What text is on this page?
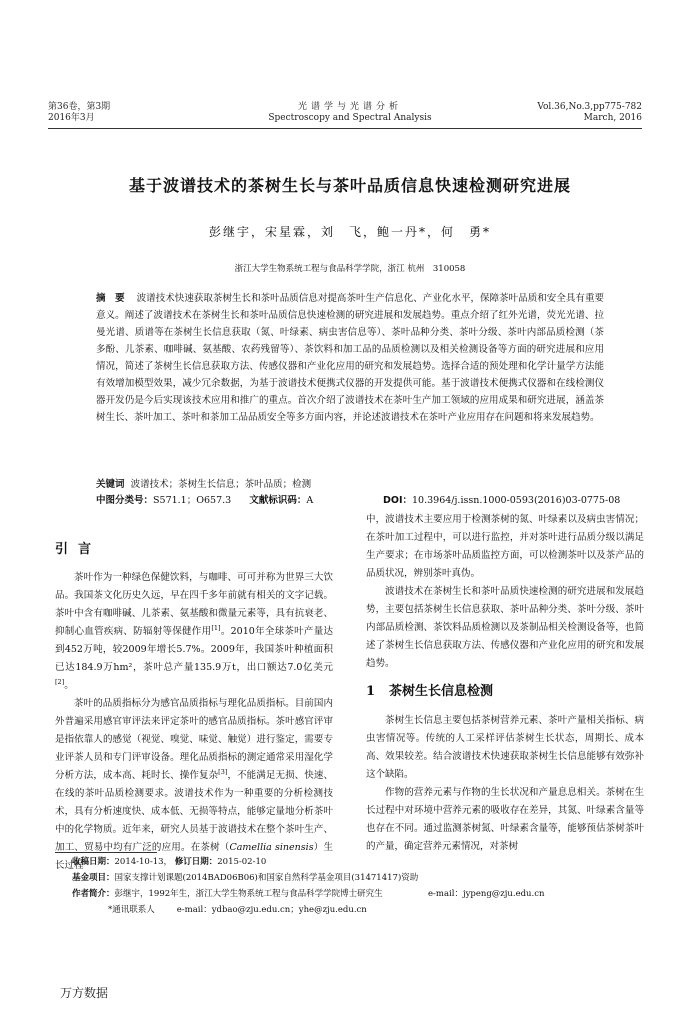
第36卷，第3期
2016年3月
光谱学与光谱分析
Spectroscopy and Spectral Analysis
Vol.36,No.3,pp775-782
March, 2016
基于波谱技术的茶树生长与茶叶品质信息快速检测研究进展
彭继宇，宋星霖，刘　飞，鲍一丹*，何　勇*
浙江大学生物系统工程与食品科学学院，浙江 杭州　310058

摘　要 波谱技术快速获取茶树生长和茶叶品质信息对提高茶叶生产信息化、产业化水平，保障茶叶品质和安全具有重要意义。阐述了波谱技术在茶树生长和茶叶品质信息快速检测的研究进展和发展趋势。重点介绍了红外光谱，荧光光谱、拉曼光谱、质谱等在茶树生长信息获取（氮、叶绿素、病虫害信息等）、茶叶品种分类、茶叶分级、茶叶内部品质检测（茶多酚、儿茶素、咖啡碱、氨基酸、农药残留等）、茶饮料和加工品的品质检测以及相关检测设备等方面的研究进展和应用情况，简述了茶树生长信息获取方法、传感仪器和产业化应用的研究和发展趋势。选择合适的预处理和化学计量学方法能有效增加模型效果，减少冗余数据，为基于波谱技术便携式仪器的开发提供可能。基于波谱技术便携式仪器和在线检测仪器开发仍是今后实现该技术应用和推广的重点。首次介绍了波谱技术在茶叶生产加工领域的应用成果和研究进展，涵盖茶树生长、茶叶加工、茶叶和茶加工品品质安全等多方面内容，并论述波谱技术在茶叶产业应用存在问题和将来发展趋势。

关键词 波谱技术；茶树生长信息；茶叶品质；检测
中图分类号：S571.1；O657.3 文献标识码：A	DOI：10.3964/j.issn.1000-0593(2016)03-0775-08
引言

茶叶作为一种绿色保健饮料，与咖啡、可可并称为世界三大饮品。我国茶文化历史久远，早在四千多年前就有相关的文字记载。茶叶中含有咖啡碱、儿茶素、氨基酸和微量元素等，具有抗衰老、抑制心血管疾病、防辐射等保健作用[1]。2010年全球茶叶产量达到452万吨，较2009年增长5.7%。2009年，我国茶叶种植面积已达184.9万hm²，茶叶总产量135.9万t，出口额达7.0亿美元[2]。

茶叶的品质指标分为感官品质指标与理化品质指标。目前国内外普遍采用感官审评法来评定茶叶的感官品质指标。茶叶感官评审是指依靠人的感觉（视觉、嗅觉、味觉、触觉）进行鉴定，需要专业评茶人员和专门评审设备。理化品质指标的测定通常采用湿化学分析方法，成本高、耗时长、操作复杂[3]，不能满足无损、快速、在线的茶叶品质检测要求。波谱技术作为一种重要的分析检测技术，具有分析速度快、成本低、无损等特点，能够定量地分析茶叶中的化学物质。近年来，研究人员基于波谱技术在整个茶叶生产、加工、贸易中均有广泛的应用。在茶树（Camellia sinensis）生长过程

中，波谱技术主要应用于检测茶树的氮、叶绿素以及病虫害情况；在茶叶加工过程中，可以进行监控，并对茶叶进行品质分级以满足生产要求；在市场茶叶品质监控方面，可以检测茶叶以及茶产品的品质状况，辨别茶叶真伪。

波谱技术在茶树生长和茶叶品质快速检测的研究进展和发展趋势，主要包括茶树生长信息获取、茶叶品种分类、茶叶分级、茶叶内部品质检测、茶饮料品质检测以及茶制品相关检测设备等，也简述了茶树生长信息获取方法、传感仪器和产业化应用的研究和发展趋势。

1 茶树生长信息检测

茶树生长信息主要包括茶树营养元素、茶叶产量相关指标、病虫害情况等。传统的人工采样评估茶树生长状态，周期长、成本高、效果较差。结合波谱技术快速获取茶树生长信息能够有效弥补这个缺陷。

作物的营养元素与作物的生长状况和产量息息相关。茶树在生长过程中对环境中营养元素的吸收存在差异，其氮、叶绿素含量等也存在不同。通过监测茶树氮、叶绿素含量等，能够预估茶树茶叶的产量，确定营养元素情况，对茶树

收稿日期：2014-10-13， 修订日期：2015-02-10
基金项目：国家支撑计划课题(2014BAD06B06)和国家自然科学基金项目(31471417)资助
作者简介：彭继宇，1992年生，浙江大学生物系统工程与食品科学学院博士研究生	e-mail：jypeng@zju.edu.cn
*通讯联系人	e-mail：ydbao@zju.edu.cn；yhe@zju.edu.cn
万方数据
